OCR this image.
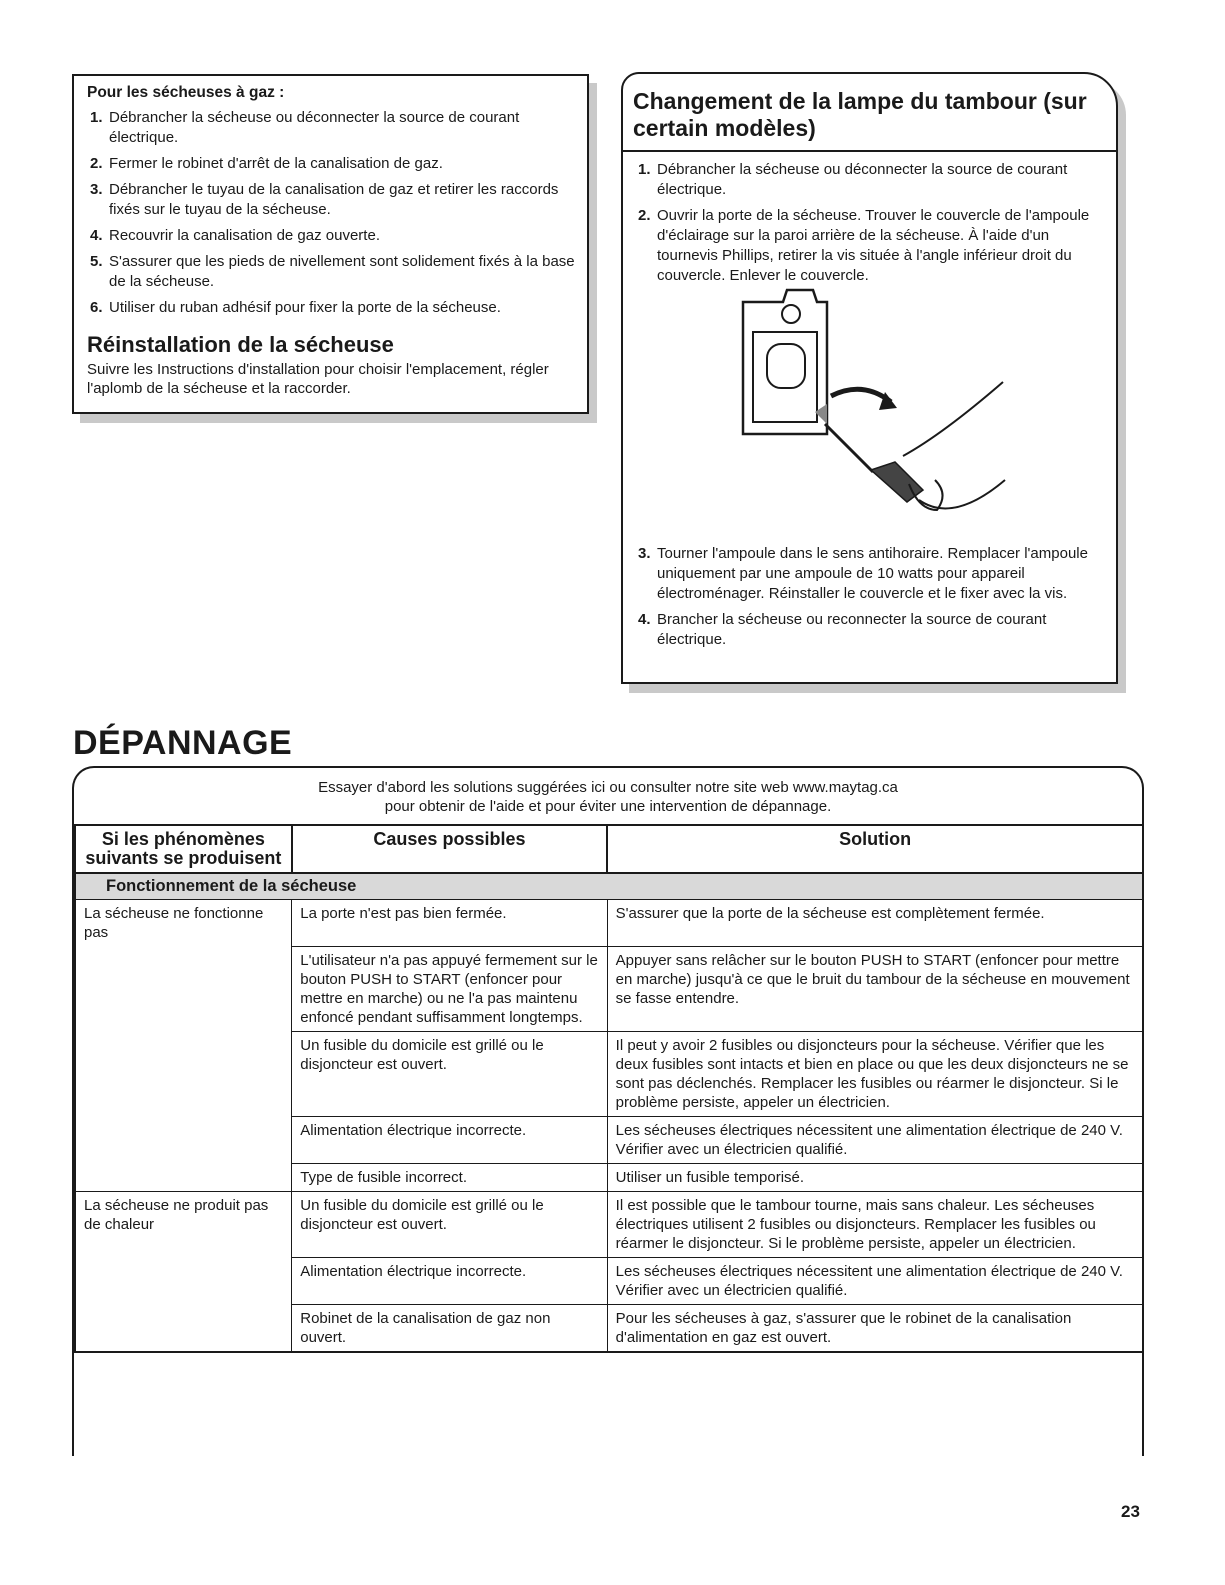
Pour les sécheuses à gaz :
1. Débrancher la sécheuse ou déconnecter la source de courant électrique.
2. Fermer le robinet d'arrêt de la canalisation de gaz.
3. Débrancher le tuyau de la canalisation de gaz et retirer les raccords fixés sur le tuyau de la sécheuse.
4. Recouvrir la canalisation de gaz ouverte.
5. S'assurer que les pieds de nivellement sont solidement fixés à la base de la sécheuse.
6. Utiliser du ruban adhésif pour fixer la porte de la sécheuse.
Réinstallation de la sécheuse

Suivre les Instructions d'installation pour choisir l'emplacement, régler l'aplomb de la sécheuse et la raccorder.

Changement de la lampe du tambour (sur certain modèles)
1. Débrancher la sécheuse ou déconnecter la source de courant électrique.
2. Ouvrir la porte de la sécheuse. Trouver le couvercle de l'ampoule d'éclairage sur la paroi arrière de la sécheuse. À l'aide d'un tournevis Phillips, retirer la vis située à l'angle inférieur droit du couvercle. Enlever le couvercle.
3. Tourner l'ampoule dans le sens antihoraire. Remplacer l'ampoule uniquement par une ampoule de 10 watts pour appareil électroménager. Réinstaller le couvercle et le fixer avec la vis.
4. Brancher la sécheuse ou reconnecter la source de courant électrique.
DÉPANNAGE
Essayer d'abord les solutions suggérées ici ou consulter notre site web www.maytag.ca
pour obtenir de l'aide et pour éviter une intervention de dépannage.
Si les phénomènes suivants se produisent	Causes possibles	Solution
Fonctionnement de la sécheuse		
La sécheuse ne fonctionne pas	La porte n'est pas bien fermée.	S'assurer que la porte de la sécheuse est complètement fermée.
	L'utilisateur n'a pas appuyé fermement sur le bouton PUSH to START (enfoncer pour mettre en marche) ou ne l'a pas maintenu enfoncé pendant suffisamment longtemps.	Appuyer sans relâcher sur le bouton PUSH to START (enfoncer pour mettre en marche) jusqu'à ce que le bruit du tambour de la sécheuse en mouvement se fasse entendre.
	Un fusible du domicile est grillé ou le disjoncteur est ouvert.	Il peut y avoir 2 fusibles ou disjoncteurs pour la sécheuse. Vérifier que les deux fusibles sont intacts et bien en place ou que les deux disjoncteurs ne se sont pas déclenchés. Remplacer les fusibles ou réarmer le disjoncteur. Si le problème persiste, appeler un électricien.
	Alimentation électrique incorrecte.	Les sécheuses électriques nécessitent une alimentation électrique de 240 V. Vérifier avec un électricien qualifié.
	Type de fusible incorrect.	Utiliser un fusible temporisé.
La sécheuse ne produit pas de chaleur	Un fusible du domicile est grillé ou le disjoncteur est ouvert.	Il est possible que le tambour tourne, mais sans chaleur. Les sécheuses électriques utilisent 2 fusibles ou disjoncteurs. Remplacer les fusibles ou réarmer le disjoncteur. Si le problème persiste, appeler un électricien.
	Alimentation électrique incorrecte.	Les sécheuses électriques nécessitent une alimentation électrique de 240 V. Vérifier avec un électricien qualifié.
	Robinet de la canalisation de gaz non ouvert.	Pour les sécheuses à gaz, s'assurer que le robinet de la canalisation d'alimentation en gaz est ouvert.
23
